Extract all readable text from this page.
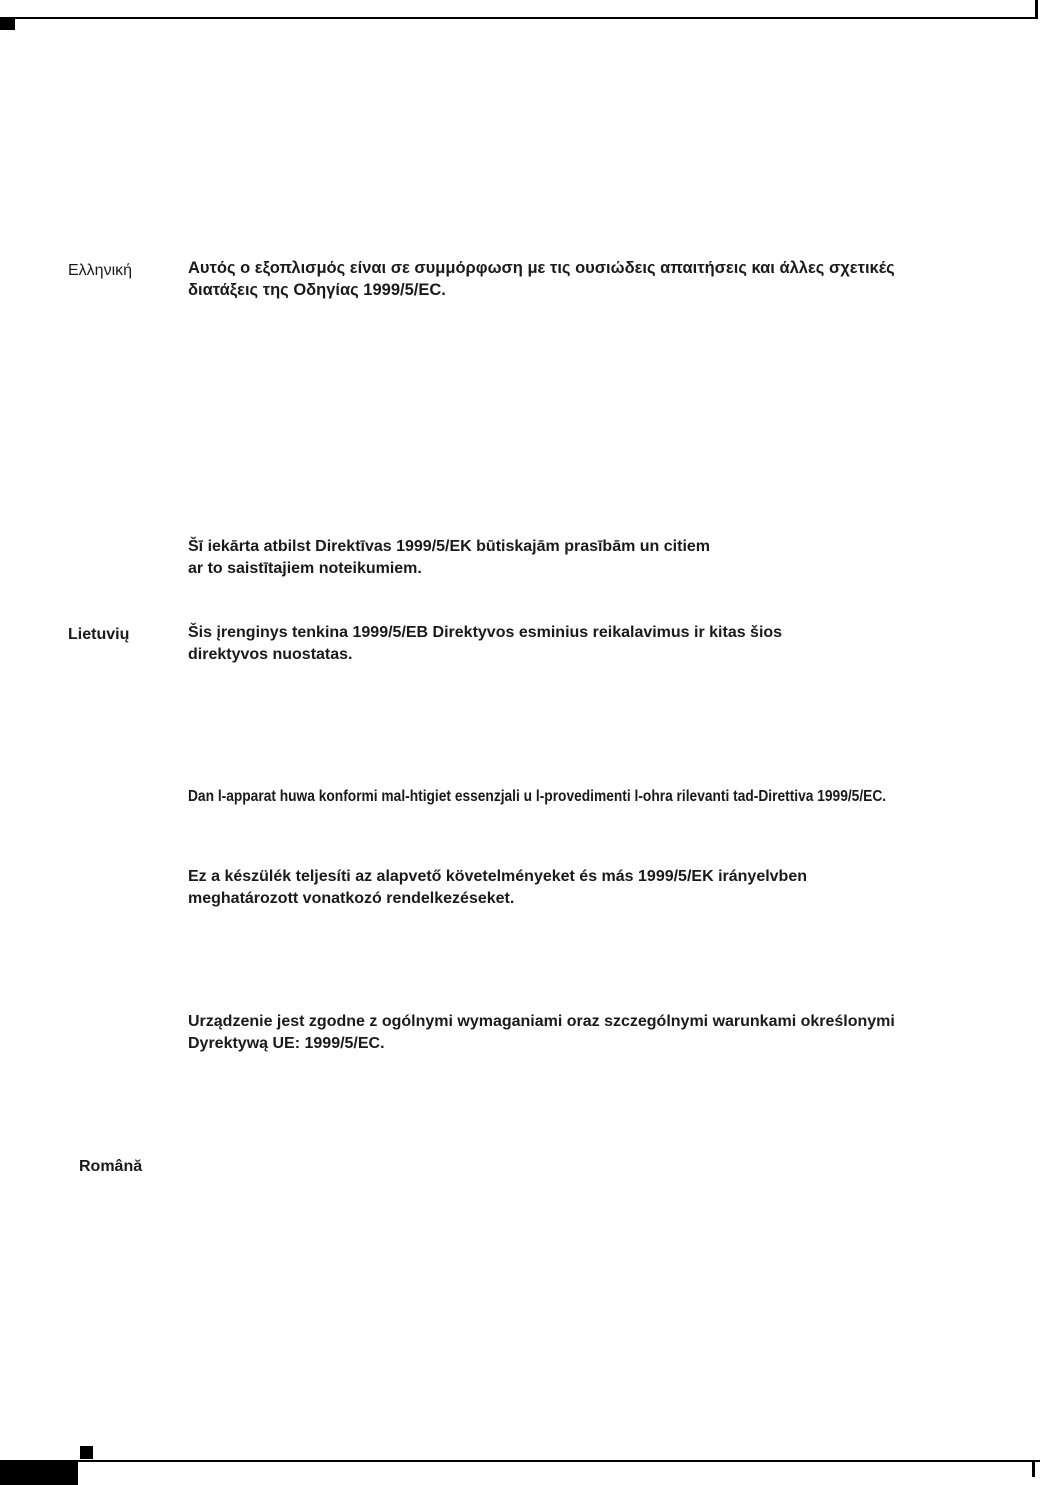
Ελληνική	Αυτός ο εξοπλισμός είναι σε συμμόρφωση με τις ουσιώδεις απαιτήσεις και άλλες σχετικές
διατάξεις της Οδηγίας 1999/5/EC.

Šī iekārta atbilst Direktīvas 1999/5/EK būtiskajām prasībām un citiem
ar to saistītajiem noteikumiem.

Lietuvių	Šis įrenginys tenkina 1999/5/EB Direktyvos esminius reikalavimus ir kitas šios
direktyvos nuostatas.

Dan l-apparat huwa konformi mal-htigiet essenzjali u l-provedimenti l-ohra rilevanti tad-Direttiva 1999/5/EC.

Ez a készülék teljesíti az alapvető követelményeket és más 1999/5/EK irányelvben
meghatározott vonatkozó rendelkezéseket.

Urządzenie jest zgodne z ogólnymi wymaganiami oraz szczególnymi warunkami określonymi
Dyrektywą UE: 1999/5/EC.

Română
